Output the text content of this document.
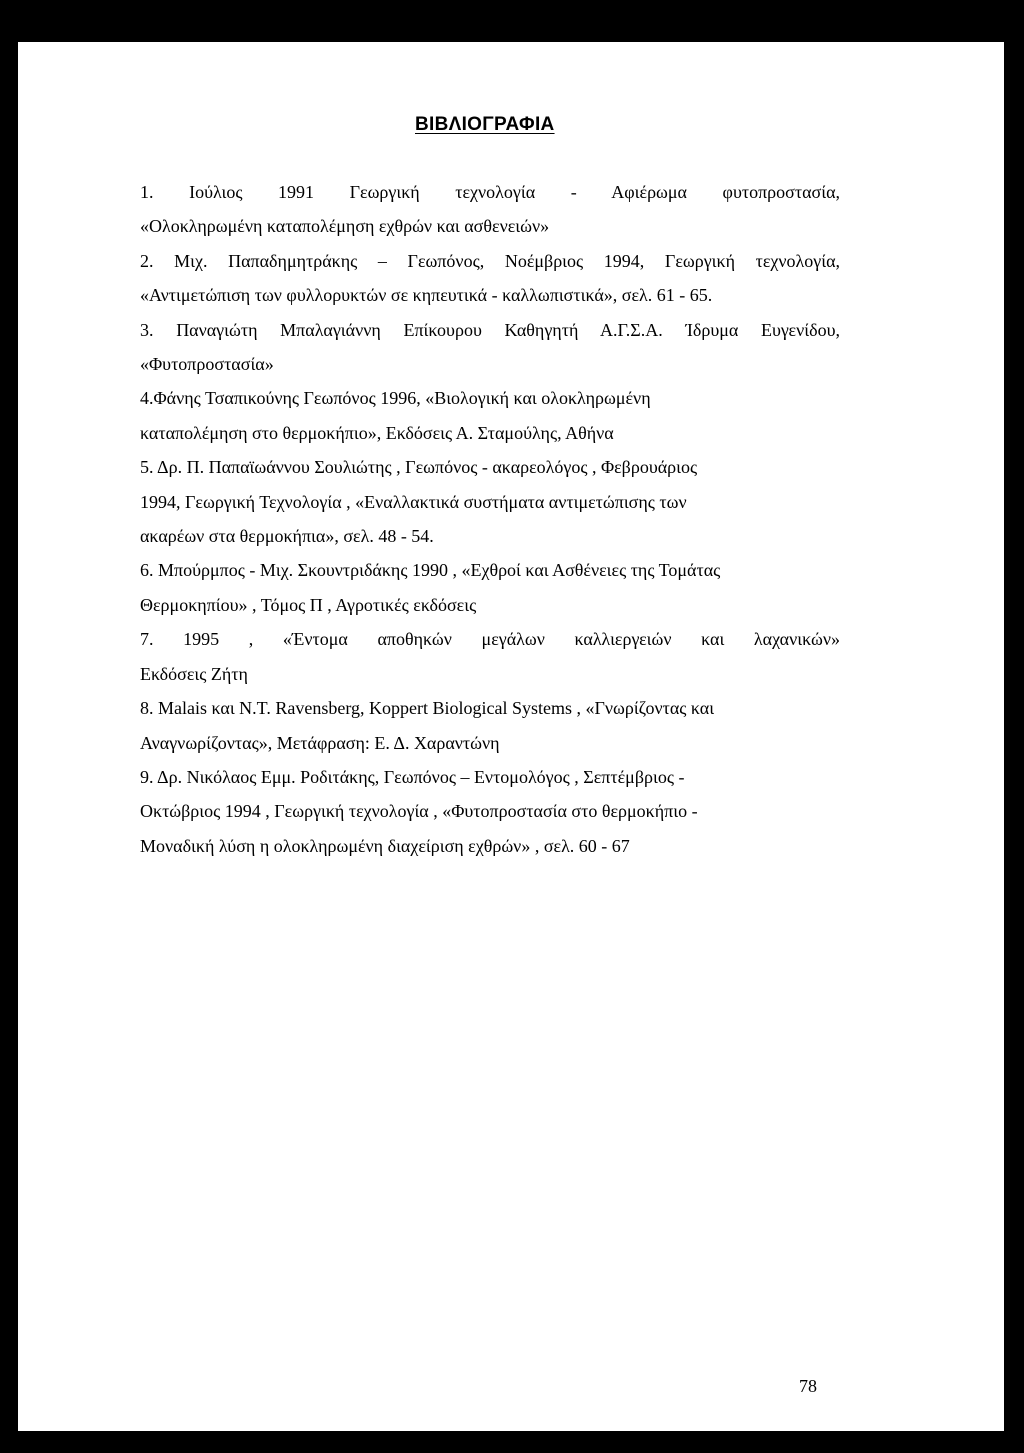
ΒΙΒΛΙΟΓΡΑΦΙΑ
1. Ιούλιος 1991 Γεωργική τεχνολογία - Αφιέρωμα φυτοπροστασία,
«Ολοκληρωμένη καταπολέμηση εχθρών και ασθενειών»
2. Μιχ. Παπαδημητράκης – Γεωπόνος, Νοέμβριος 1994, Γεωργική τεχνολογία,
«Αντιμετώπιση των φυλλορυκτών σε κηπευτικά - καλλωπιστικά», σελ. 61 - 65.
3. Παναγιώτη Μπαλαγιάννη Επίκουρου Καθηγητή Α.Γ.Σ.Α. Ίδρυμα Ευγενίδου,
«Φυτοπροστασία»
4.Φάνης Τσαπικούνης Γεωπόνος 1996, «Βιολογική και ολοκληρωμένη
καταπολέμηση στο θερμοκήπιο», Εκδόσεις Α. Σταμούλης, Αθήνα
5. Δρ. Π. Παπαϊωάννου Σουλιώτης , Γεωπόνος - ακαρεολόγος , Φεβρουάριος
1994, Γεωργική Τεχνολογία , «Εναλλακτικά συστήματα αντιμετώπισης των
ακαρέων στα θερμοκήπια», σελ. 48 - 54.
6. Μπούρμπος - Μιχ. Σκουντριδάκης 1990 , «Εχθροί και Ασθένειες της Τομάτας
Θερμοκηπίου» , Τόμος Π , Αγροτικές εκδόσεις
7. 1995 , «Έντομα αποθηκών μεγάλων καλλιεργειών και λαχανικών»
Εκδόσεις Ζήτη
8. Malais και N.T. Ravensberg, Koppert Biological Systems , «Γνωρίζοντας και
Αναγνωρίζοντας», Μετάφραση: Ε. Δ. Χαραντώνη
9. Δρ. Νικόλαος Εμμ. Ροδιτάκης, Γεωπόνος – Εντομολόγος , Σεπτέμβριος -
Οκτώβριος 1994 , Γεωργική τεχνολογία , «Φυτοπροστασία στο θερμοκήπιο -
Μοναδική λύση η ολοκληρωμένη διαχείριση εχθρών» , σελ. 60 - 67

78
